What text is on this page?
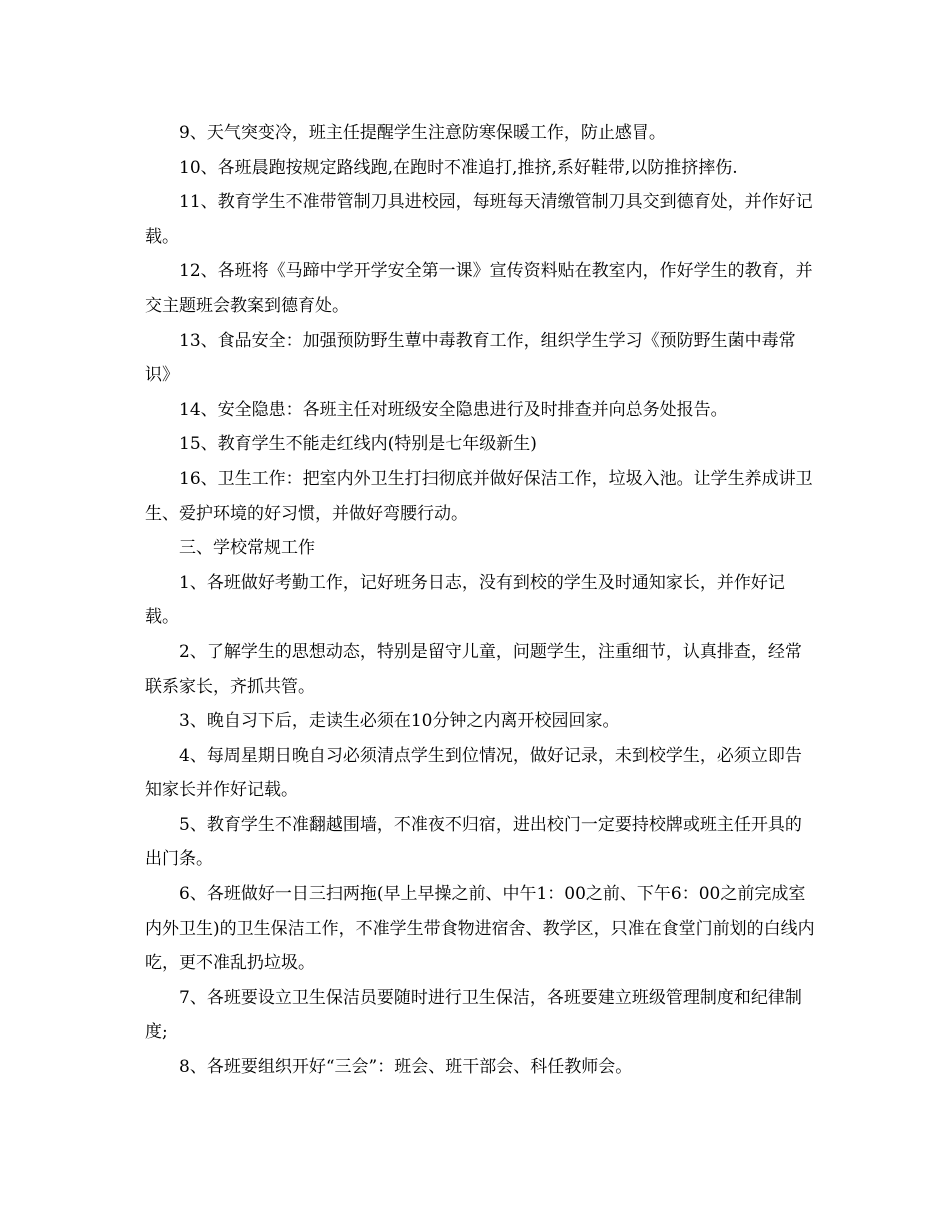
9、天气突变冷，班主任提醒学生注意防寒保暖工作，防止感冒。

10、各班晨跑按规定路线跑,在跑时不准追打,推挤,系好鞋带,以防推挤摔伤.

11、教育学生不准带管制刀具进校园，每班每天清缴管制刀具交到德育处，并作好记载。

12、各班将《马蹄中学开学安全第一课》宣传资料贴在教室内，作好学生的教育，并交主题班会教案到德育处。

13、食品安全：加强预防野生蕈中毒教育工作，组织学生学习《预防野生菌中毒常识》

14、安全隐患：各班主任对班级安全隐患进行及时排查并向总务处报告。

15、教育学生不能走红线内(特别是七年级新生)

16、卫生工作：把室内外卫生打扫彻底并做好保洁工作，垃圾入池。让学生养成讲卫生、爱护环境的好习惯，并做好弯腰行动。

三、学校常规工作

1、各班做好考勤工作，记好班务日志，没有到校的学生及时通知家长，并作好记载。

2、了解学生的思想动态，特别是留守儿童，问题学生，注重细节，认真排查，经常联系家长，齐抓共管。

3、晚自习下后，走读生必须在10分钟之内离开校园回家。

4、每周星期日晚自习必须清点学生到位情况，做好记录，未到校学生，必须立即告知家长并作好记载。

5、教育学生不准翻越围墙，不准夜不归宿，进出校门一定要持校牌或班主任开具的出门条。

6、各班做好一日三扫两拖(早上早操之前、中午1：00之前、下午6：00之前完成室内外卫生)的卫生保洁工作，不准学生带食物进宿舍、教学区，只准在食堂门前划的白线内吃，更不准乱扔垃圾。

7、各班要设立卫生保洁员要随时进行卫生保洁，各班要建立班级管理制度和纪律制度;

8、各班要组织开好“三会”：班会、班干部会、科任教师会。
